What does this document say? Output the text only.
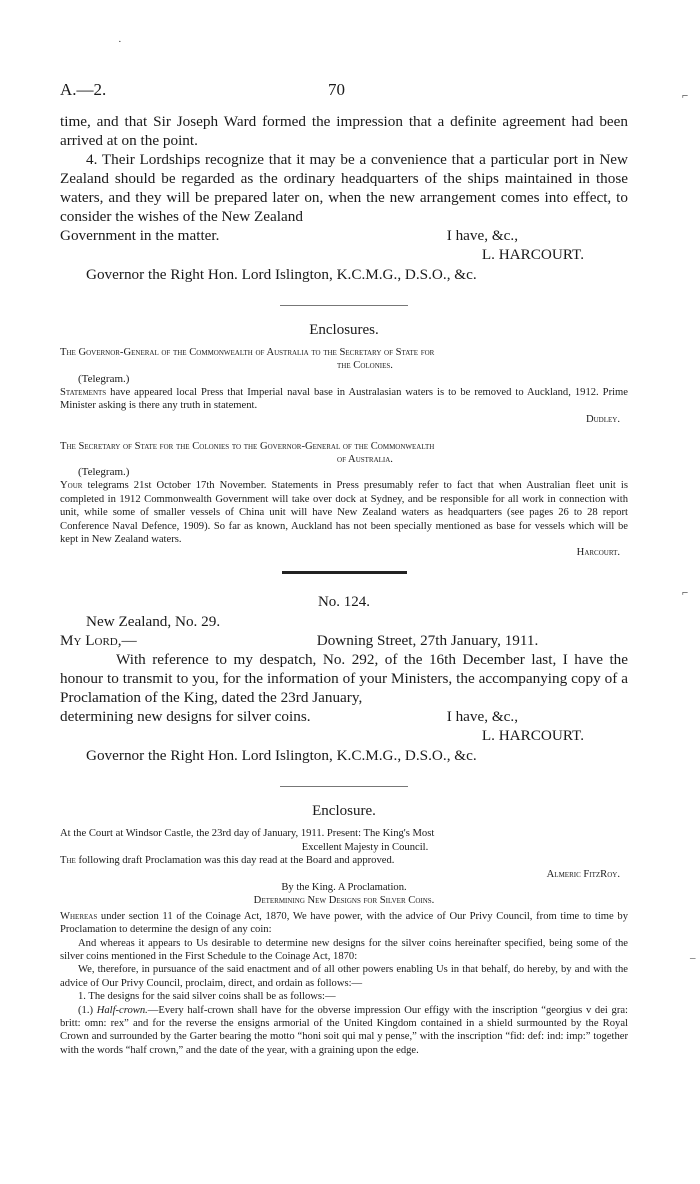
A.—2.	70

time, and that Sir Joseph Ward formed the impression that a definite agreement had been arrived at on the point.

4. Their Lordships recognize that it may be a convenience that a particular port in New Zealand should be regarded as the ordinary headquarters of the ships maintained in those waters, and they will be prepared later on, when the new arrangement comes into effect, to consider the wishes of the New Zealand

Government in the matter.	I have, &c.,
L. HARCOURT.
Governor the Right Hon. Lord Islington, K.C.M.G., D.S.O., &c.
Enclosures.
The Governor-General of the Commonwealth of Australia to the Secretary of State for
the Colonies.
(Telegram.)

Statements have appeared local Press that Imperial naval base in Australasian waters is to be removed to Auckland, 1912. Prime Minister asking is there any truth in statement.

Dudley.
The Secretary of State for the Colonies to the Governor-General of the Commonwealth
of Australia.
(Telegram.)

Your telegrams 21st October 17th November. Statements in Press presumably refer to fact that when Australian fleet unit is completed in 1912 Commonwealth Government will take over dock at Sydney, and be responsible for all work in connection with unit, while some of smaller vessels of China unit will have New Zealand waters as headquarters (see pages 26 to 28 report Conference Naval Defence, 1909). So far as known, Auckland has not been specially mentioned as base for vessels which will be kept in New Zealand waters.

Harcourt.
No. 124.
New Zealand, No. 29.
My Lord,—	Downing Street, 27th January, 1911.

With reference to my despatch, No. 292, of the 16th December last, I have the honour to transmit to you, for the information of your Ministers, the accompanying copy of a Proclamation of the King, dated the 23rd January,

determining new designs for silver coins.	I have, &c.,
L. HARCOURT.
Governor the Right Hon. Lord Islington, K.C.M.G., D.S.O., &c.
Enclosure.
At the Court at Windsor Castle, the 23rd day of January, 1911. Present: The King's Most
Excellent Majesty in Council.

The following draft Proclamation was this day read at the Board and approved.

Almeric FitzRoy.
By the King. A Proclamation.
Determining New Designs for Silver Coins.

Whereas under section 11 of the Coinage Act, 1870, We have power, with the advice of Our Privy Council, from time to time by Proclamation to determine the design of any coin:

And whereas it appears to Us desirable to determine new designs for the silver coins hereinafter specified, being some of the silver coins mentioned in the First Schedule to the Coinage Act, 1870:

We, therefore, in pursuance of the said enactment and of all other powers enabling Us in that behalf, do hereby, by and with the advice of Our Privy Council, proclaim, direct, and ordain as follows:—

1. The designs for the said silver coins shall be as follows:—

(1.) Half-crown.—Every half-crown shall have for the obverse impression Our effigy with the inscription “georgius v dei gra: britt: omn: rex” and for the reverse the ensigns armorial of the United Kingdom contained in a shield surmounted by the Royal Crown and surrounded by the Garter bearing the motto “honi soit qui mal y pense,” with the inscription “fid: def: ind: imp:” together with the words “half crown,” and the date of the year, with a graining upon the edge.

⌐
⌐
–
·
